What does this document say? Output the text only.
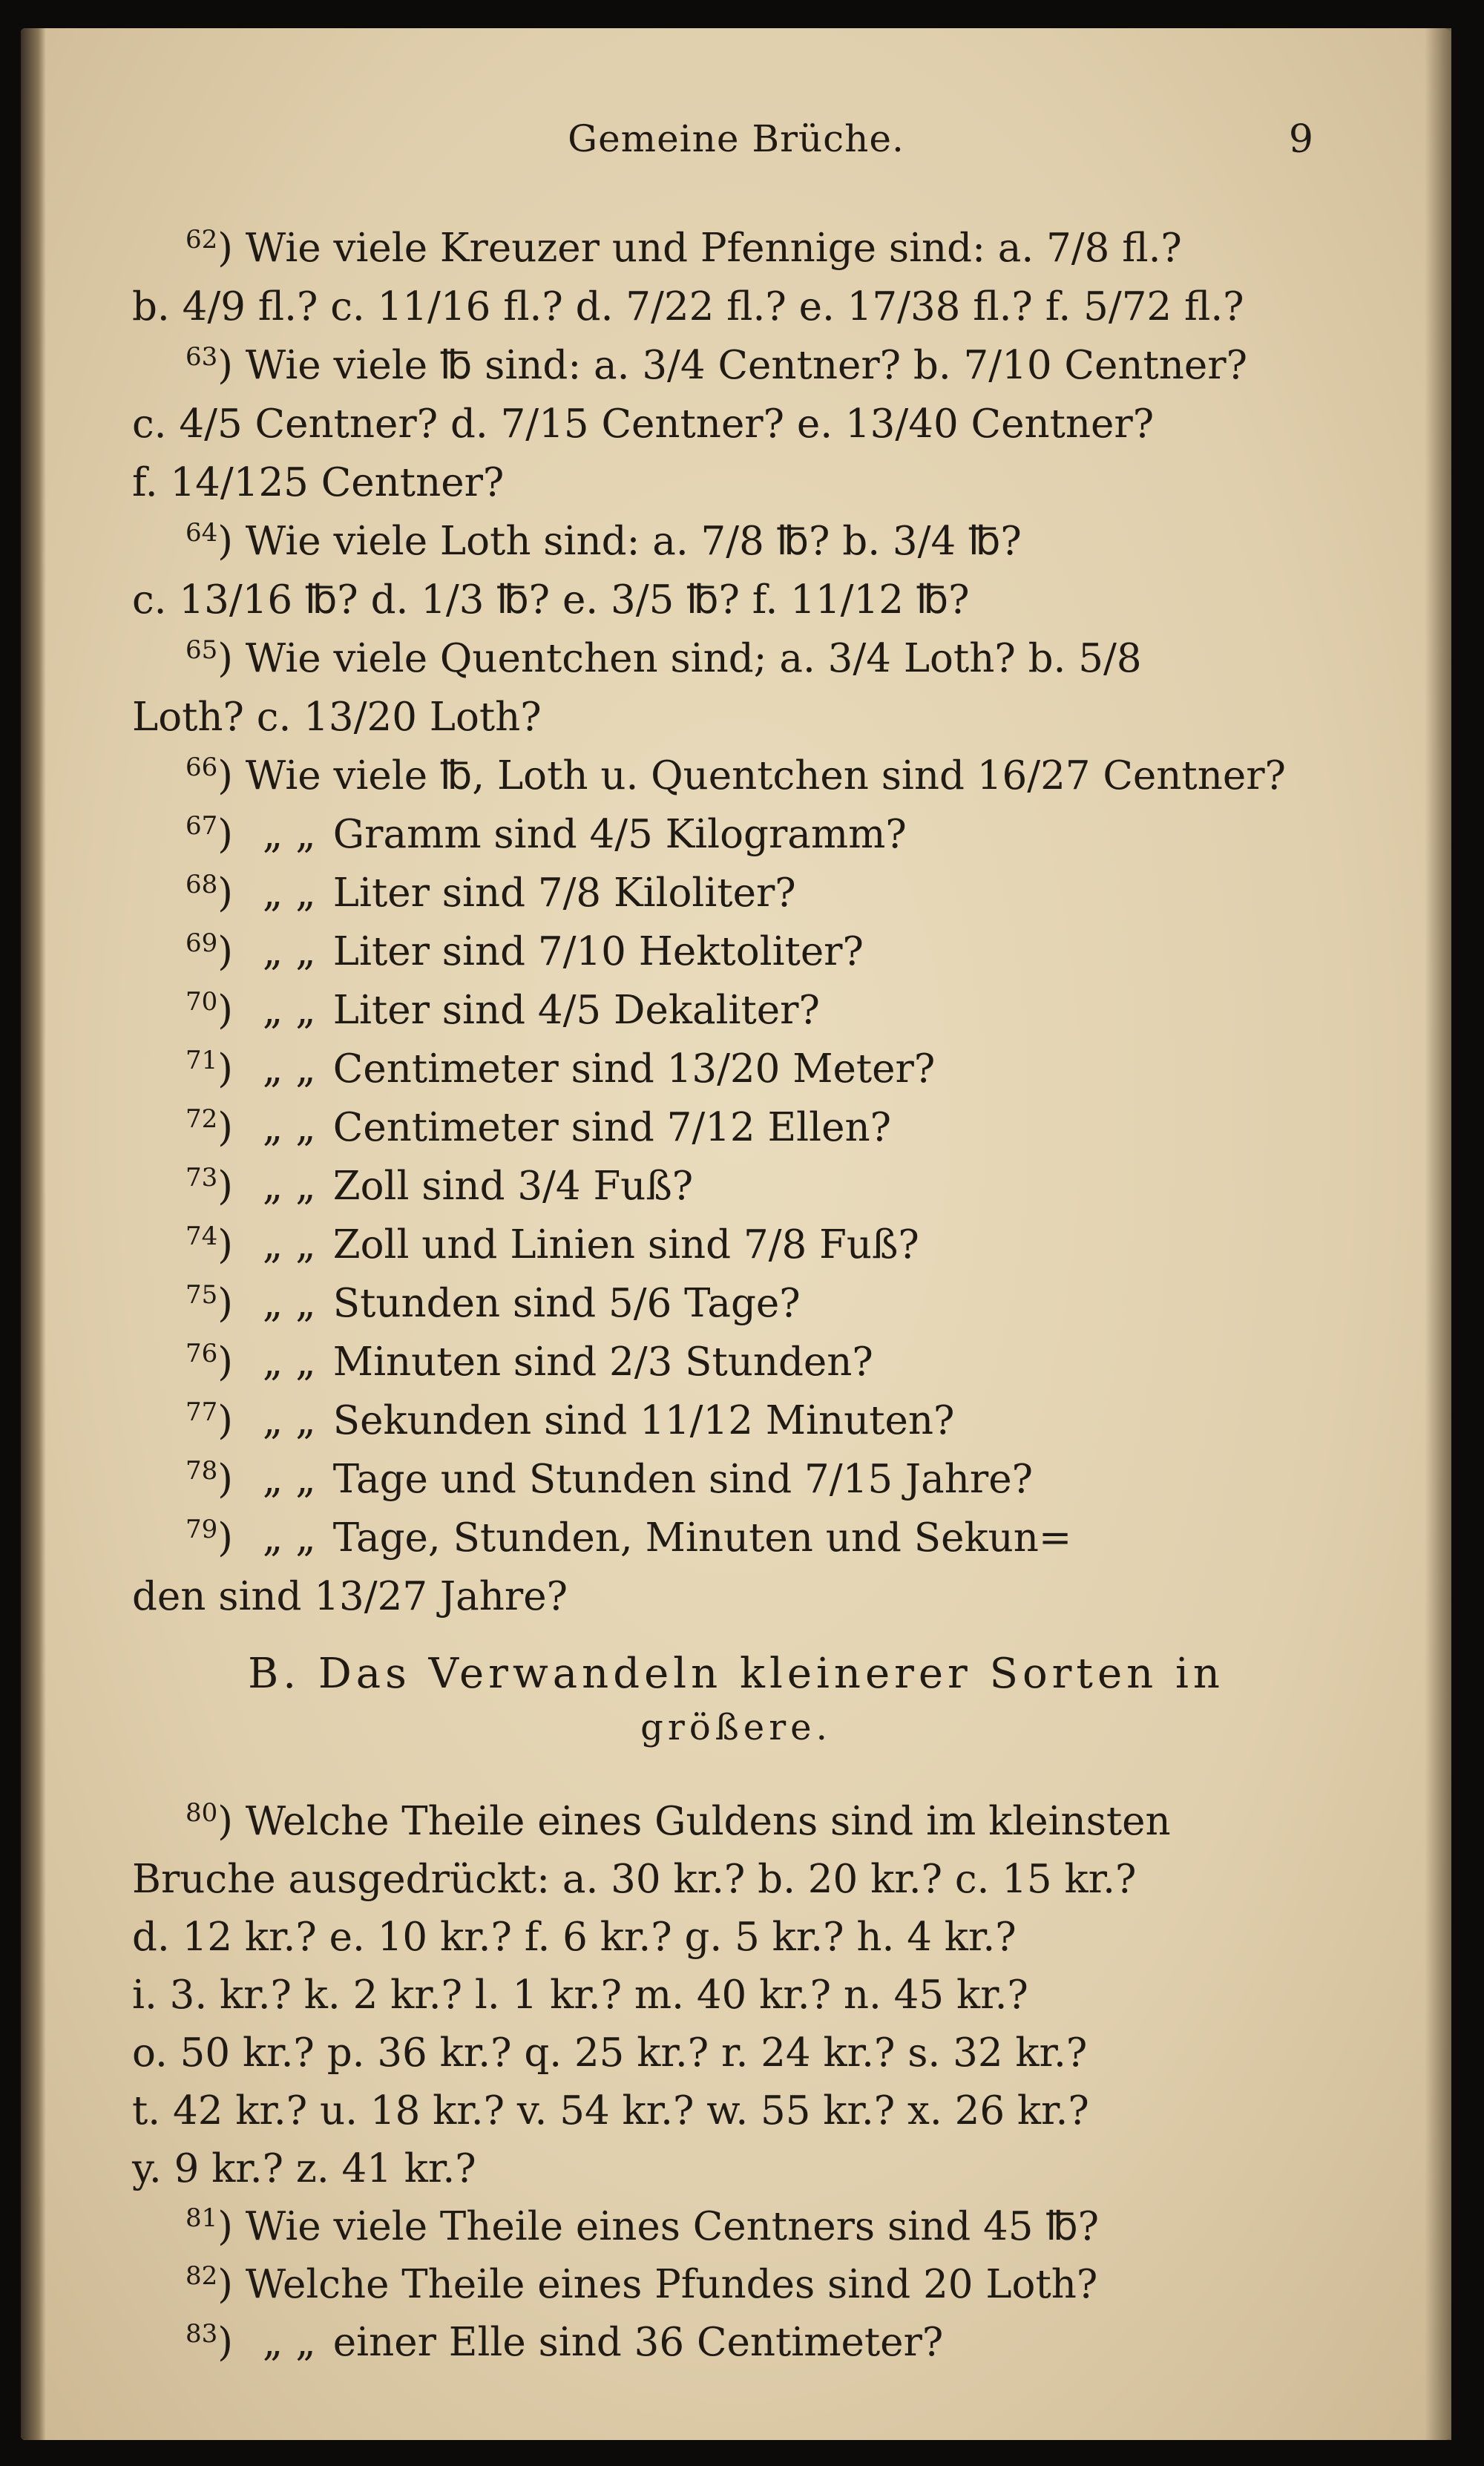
Gemeine Brüche.	9
$^{62}$) Wie viele Kreuzer und Pfennige sind: a. 7/8 fl.?
b. 4/9 fl.? c. 11/16 fl.? d. 7/22 fl.? e. 17/38 fl.? f. 5/72 fl.?
$^{63}$) Wie viele ℔ sind: a. 3/4 Centner? b. 7/10 Centner?
c. 4/5 Centner? d. 7/15 Centner? e. 13/40 Centner?
f. 14/125 Centner?
$^{64}$) Wie viele Loth sind: a. 7/8 ℔? b. 3/4 ℔?
c. 13/16 ℔? d. 1/3 ℔? e. 3/5 ℔? f. 11/12 ℔?
$^{65}$) Wie viele Quentchen sind; a. 3/4 Loth? b. 5/8
Loth? c. 13/20 Loth?
$^{66}$) Wie viele ℔, Loth u. Quentchen sind 16/27 Centner?
$^{67}$) „ „ Gramm sind 4/5 Kilogramm?
$^{68}$) „ „ Liter sind 7/8 Kiloliter?
$^{69}$) „ „ Liter sind 7/10 Hektoliter?
$^{70}$) „ „ Liter sind 4/5 Dekaliter?
$^{71}$) „ „ Centimeter sind 13/20 Meter?
$^{72}$) „ „ Centimeter sind 7/12 Ellen?
$^{73}$) „ „ Zoll sind 3/4 Fuß?
$^{74}$) „ „ Zoll und Linien sind 7/8 Fuß?
$^{75}$) „ „ Stunden sind 5/6 Tage?
$^{76}$) „ „ Minuten sind 2/3 Stunden?
$^{77}$) „ „ Sekunden sind 11/12 Minuten?
$^{78}$) „ „ Tage und Stunden sind 7/15 Jahre?
$^{79}$) „ „ Tage, Stunden, Minuten und Sekun=
den sind 13/27 Jahre?
B. Das Verwandeln kleinerer Sorten in
größere.
$^{80}$) Welche Theile eines Guldens sind im kleinsten
Bruche ausgedrückt: a. 30 kr.? b. 20 kr.? c. 15 kr.?
d. 12 kr.? e. 10 kr.? f. 6 kr.? g. 5 kr.? h. 4 kr.?
i. 3. kr.? k. 2 kr.? l. 1 kr.? m. 40 kr.? n. 45 kr.?
o. 50 kr.? p. 36 kr.? q. 25 kr.? r. 24 kr.? s. 32 kr.?
t. 42 kr.? u. 18 kr.? v. 54 kr.? w. 55 kr.? x. 26 kr.?
y. 9 kr.? z. 41 kr.?
$^{81}$) Wie viele Theile eines Centners sind 45 ℔?
$^{82}$) Welche Theile eines Pfundes sind 20 Loth?
$^{83}$) „ „ einer Elle sind 36 Centimeter?
